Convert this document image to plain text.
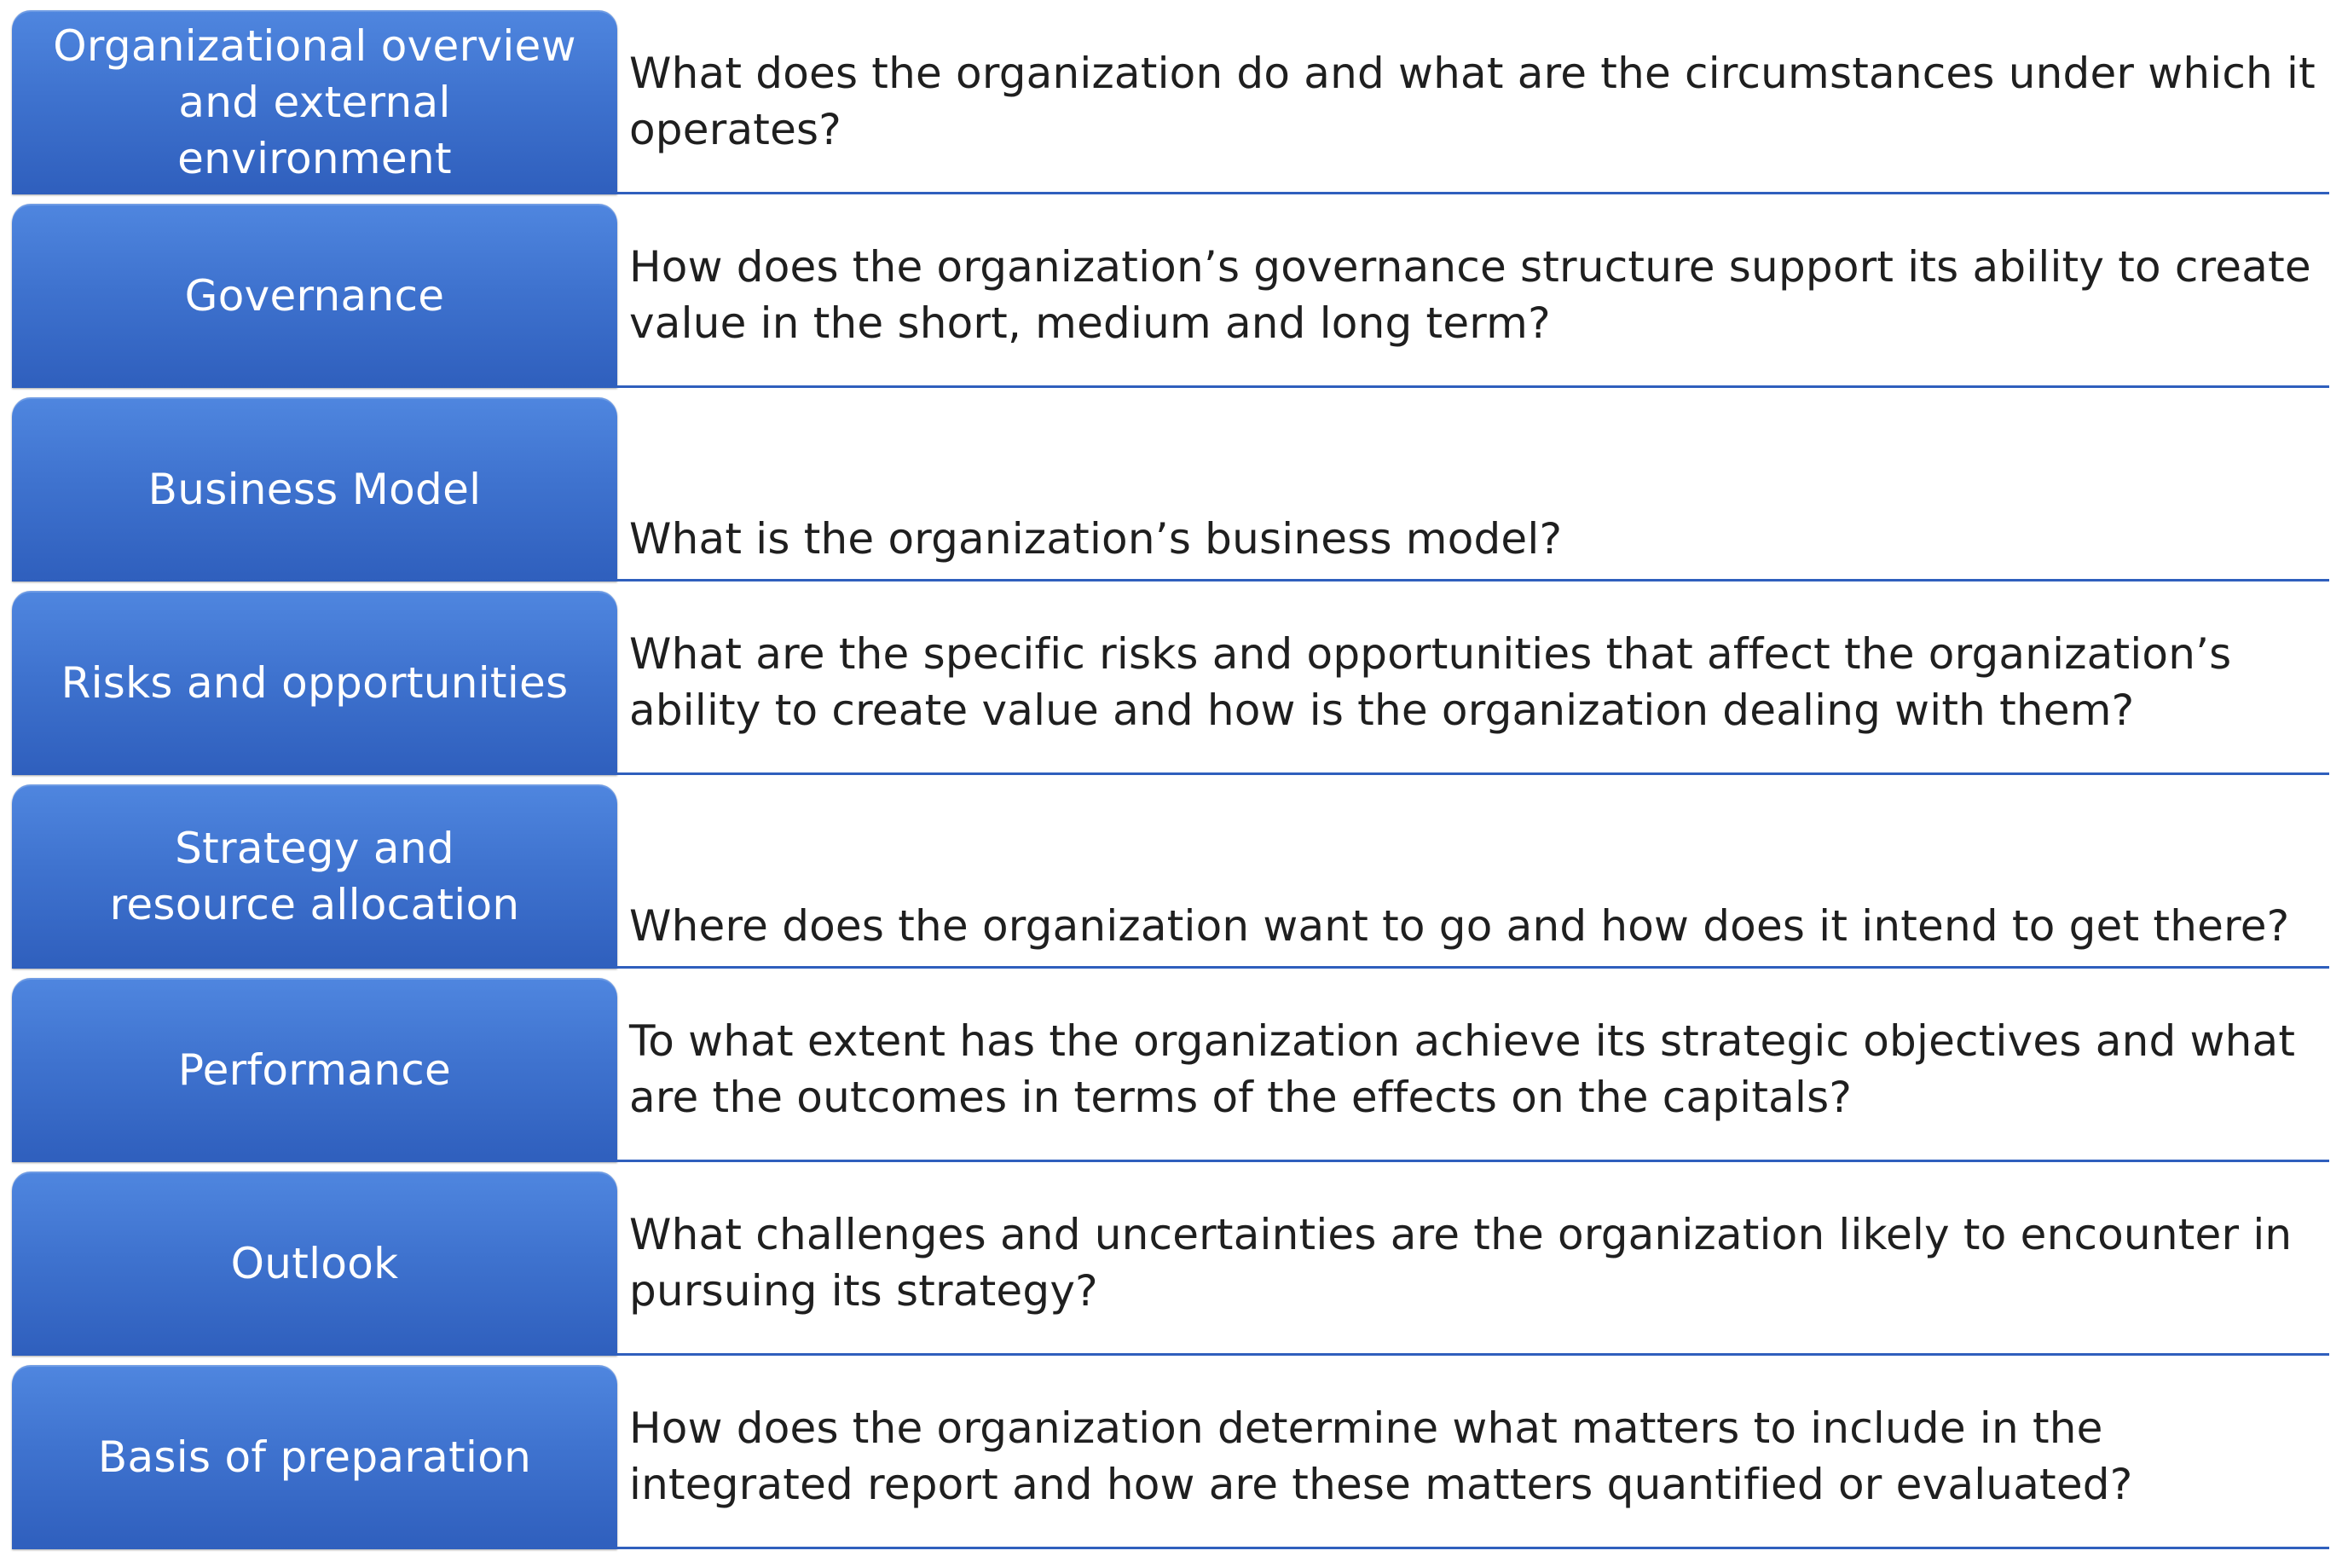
Organizational overview and external environment
What does the organization do and what are the circumstances under which it operates?
Governance
How does the organization’s governance structure support its ability to create value in the short, medium and long term?
Business Model
What is the organization’s business model?
Risks and opportunities
What are the specific risks and opportunities that affect the organization’s ability to create value and how is the organization dealing with them?
Strategy and resource allocation	Where does the organization want to go and how does it intend to get there?
Performance
To what extent has the organization achieve its strategic objectives and what are the outcomes in terms of the effects on the capitals?
Outlook
What challenges and uncertainties are the organization likely to encounter in pursuing its strategy?
Basis of preparation
How does the organization determine what matters to include in the integrated report and how are these matters quantified or evaluated?
